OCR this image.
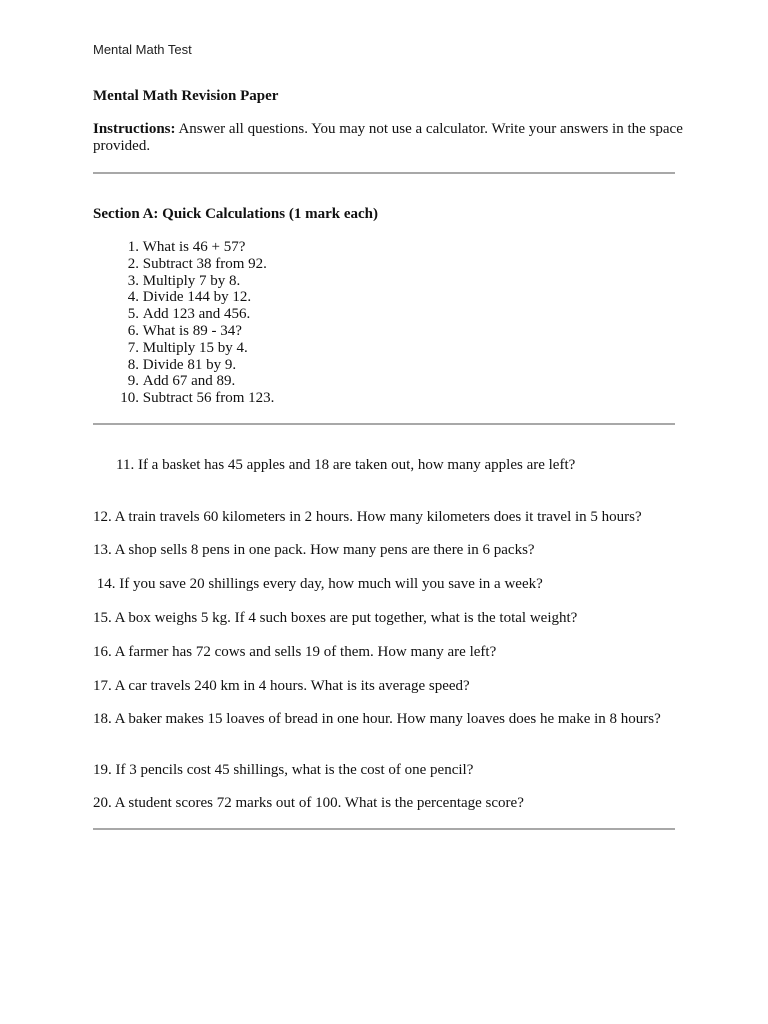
Mental Math Test
Mental Math Revision Paper
Instructions: Answer all questions. You may not use a calculator. Write your answers in the space provided.
Section A: Quick Calculations (1 mark each)
1.
What is 46 + 57?
2.
Subtract 38 from 92.
3.
Multiply 7 by 8.
4.
Divide 144 by 12.
5.
Add 123 and 456.
6.
What is 89 - 34?
7.
Multiply 15 by 4.
8.
Divide 81 by 9.
9.
Add 67 and 89.
10.
Subtract 56 from 123.
11. If a basket has 45 apples and 18 are taken out, how many apples are left?
12. A train travels 60 kilometers in 2 hours. How many kilometers does it travel in 5 hours?
13. A shop sells 8 pens in one pack. How many pens are there in 6 packs?
14. If you save 20 shillings every day, how much will you save in a week?
15. A box weighs 5 kg. If 4 such boxes are put together, what is the total weight?
16. A farmer has 72 cows and sells 19 of them. How many are left?
17. A car travels 240 km in 4 hours. What is its average speed?
18. A baker makes 15 loaves of bread in one hour. How many loaves does he make in 8 hours?
19. If 3 pencils cost 45 shillings, what is the cost of one pencil?
20. A student scores 72 marks out of 100. What is the percentage score?
